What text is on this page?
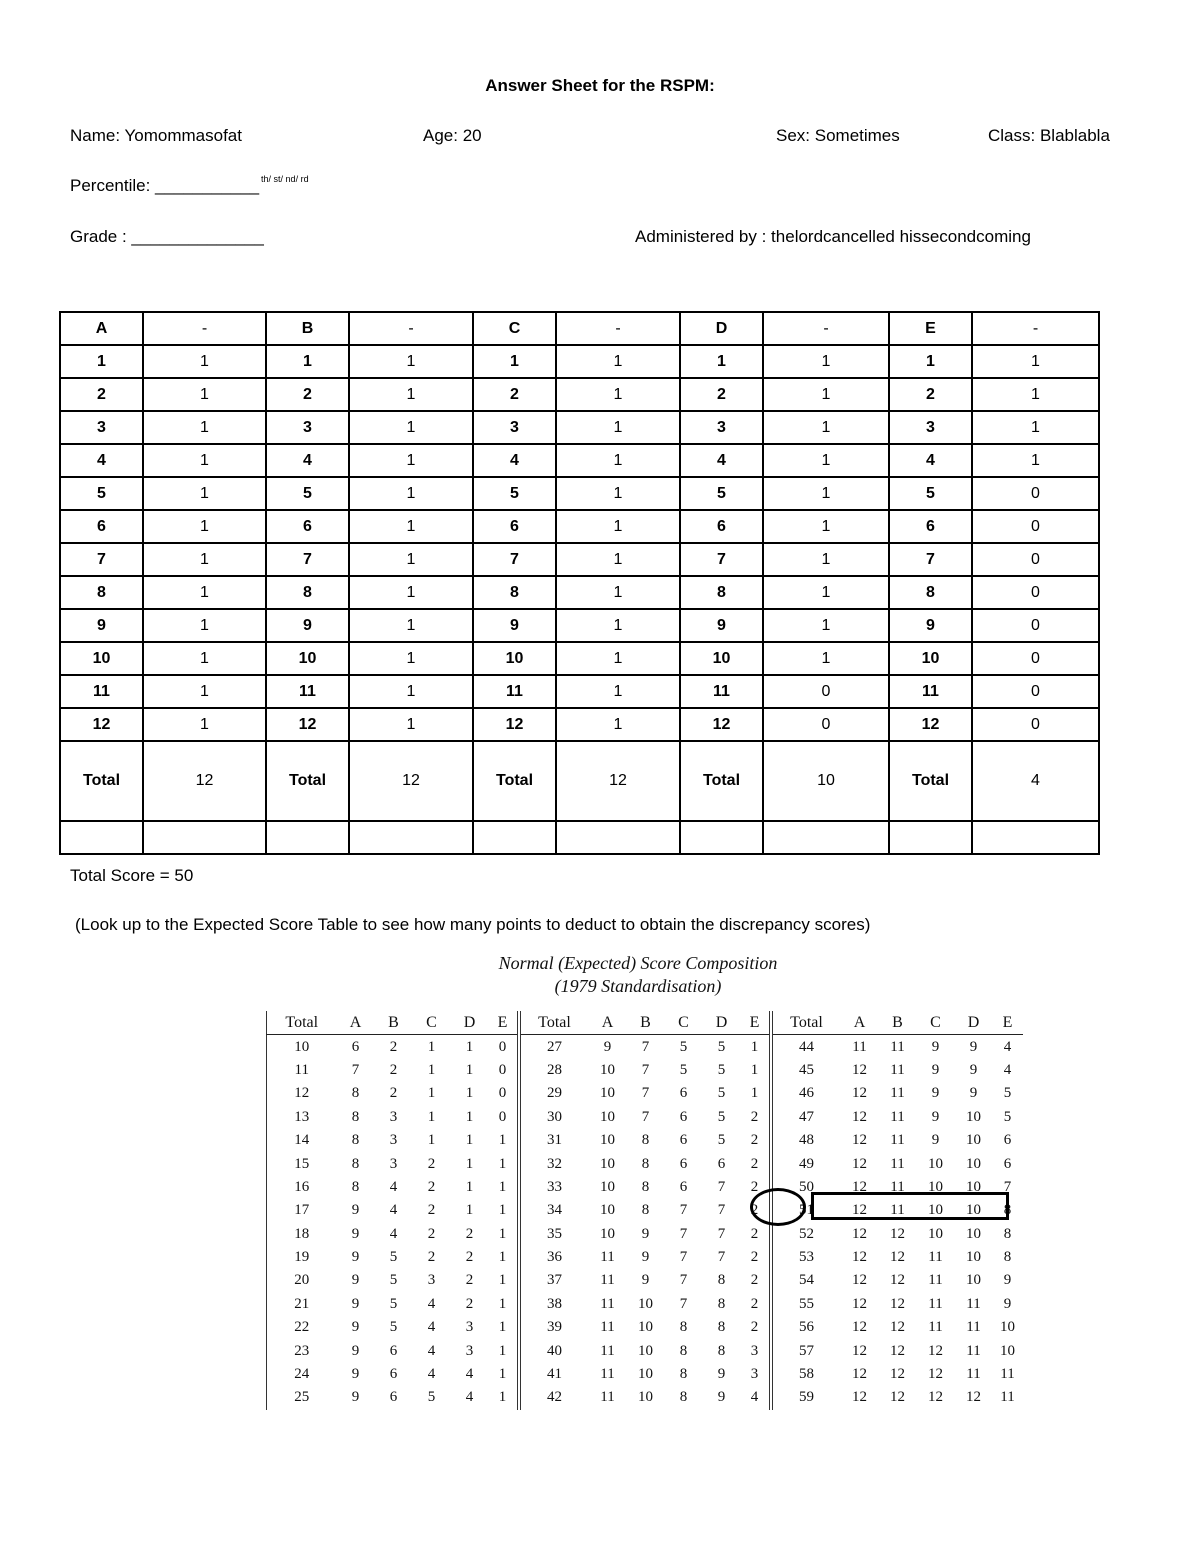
Answer Sheet for the RSPM:
Name: Yomommasofat	Age: 20	Sex: Sometimes	Class: Blablabla
Percentile: ___________ $^{th/ st/ nd/ rd}$
Grade : ______________	Administered by : thelordcancelled hissecondcoming
A	-	B	-	C	-	D	-	E	-
1	1	1	1	1	1	1	1	1	1
2	1	2	1	2	1	2	1	2	1
3	1	3	1	3	1	3	1	3	1
4	1	4	1	4	1	4	1	4	1
5	1	5	1	5	1	5	1	5	0
6	1	6	1	6	1	6	1	6	0
7	1	7	1	7	1	7	1	7	0
8	1	8	1	8	1	8	1	8	0
9	1	9	1	9	1	9	1	9	0
10	1	10	1	10	1	10	1	10	0
11	1	11	1	11	1	11	0	11	0
12	1	12	1	12	1	12	0	12	0
Total	12	Total	12	Total	12	Total	10	Total	4

Total Score = 50
(Look up to the Expected Score Table to see how many points to deduct to obtain the discrepancy scores)
Normal (Expected) Score Composition
(1979 Standardisation)
Total	A	B	C	D	E	Total	A	B	C	D	E	Total	A	B	C	D	E
10	6	2	1	1	0	27	9	7	5	5	1	44	11	11	9	9	4
11	7	2	1	1	0	28	10	7	5	5	1	45	12	11	9	9	4
12	8	2	1	1	0	29	10	7	6	5	1	46	12	11	9	9	5
13	8	3	1	1	0	30	10	7	6	5	2	47	12	11	9	10	5
14	8	3	1	1	1	31	10	8	6	5	2	48	12	11	9	10	6
15	8	3	2	1	1	32	10	8	6	6	2	49	12	11	10	10	6
16	8	4	2	1	1	33	10	8	6	7	2	50	12	11	10	10	7
17	9	4	2	1	1	34	10	8	7	7	2	51	12	11	10	10	8
18	9	4	2	2	1	35	10	9	7	7	2	52	12	12	10	10	8
19	9	5	2	2	1	36	11	9	7	7	2	53	12	12	11	10	8
20	9	5	3	2	1	37	11	9	7	8	2	54	12	12	11	10	9
21	9	5	4	2	1	38	11	10	7	8	2	55	12	12	11	11	9
22	9	5	4	3	1	39	11	10	8	8	2	56	12	12	11	11	10
23	9	6	4	3	1	40	11	10	8	8	3	57	12	12	12	11	10
24	9	6	4	4	1	41	11	10	8	9	3	58	12	12	12	11	11
25	9	6	5	4	1	42	11	10	8	9	4	59	12	12	12	12	11
